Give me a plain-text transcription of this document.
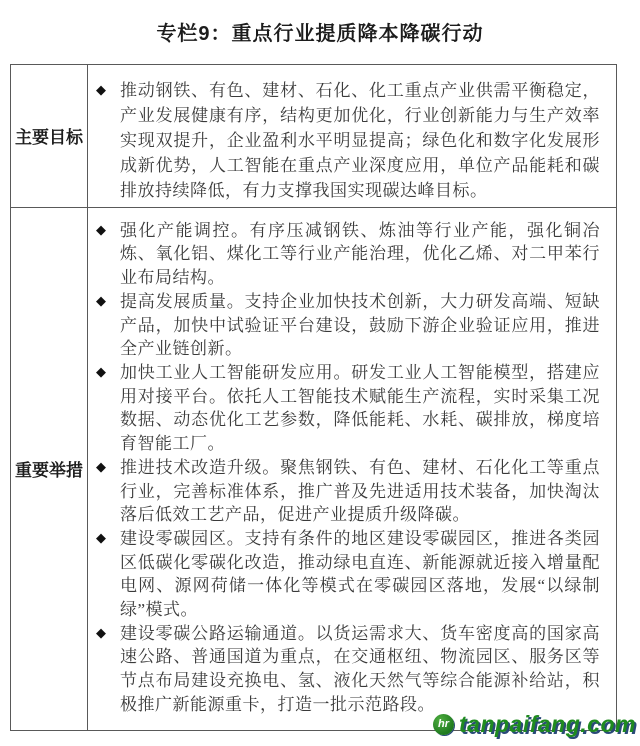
专栏9：重点行业提质降本降碳行动
主要目标
◆ 推动钢铁、有色、建材、石化、化工重点产业供需平衡稳定，产业发展健康有序，结构更加优化，行业创新能力与生产效率实现双提升，企业盈利水平明显提高；绿色化和数字化发展形成新优势，人工智能在重点产业深度应用，单位产品能耗和碳排放持续降低，有力支撑我国实现碳达峰目标。
重要举措
◆ 强化产能调控。有序压减钢铁、炼油等行业产能，强化铜冶炼、氧化铝、煤化工等行业产能治理，优化乙烯、对二甲苯行业布局结构。
◆ 提高发展质量。支持企业加快技术创新，大力研发高端、短缺产品，加快中试验证平台建设，鼓励下游企业验证应用，推进全产业链创新。
◆ 加快工业人工智能研发应用。研发工业人工智能模型，搭建应用对接平台。依托人工智能技术赋能生产流程，实时采集工况数据、动态优化工艺参数，降低能耗、水耗、碳排放，梯度培育智能工厂。
◆ 推进技术改造升级。聚焦钢铁、有色、建材、石化化工等重点行业，完善标准体系，推广普及先进适用技术装备，加快淘汰落后低效工艺产品，促进产业提质升级降碳。
◆ 建设零碳园区。支持有条件的地区建设零碳园区，推进各类园区低碳化零碳化改造，推动绿电直连、新能源就近接入增量配电网、源网荷储一体化等模式在零碳园区落地，发展“以绿制绿”模式。
◆ 建设零碳公路运输通道。以货运需求大、货车密度高的国家高速公路、普通国道为重点，在交通枢纽、物流园区、服务区等节点布局建设充换电、氢、液化天然气等综合能源补给站，积极推广新能源重卡，打造一批示范路段。
hr tanpaifang.com
